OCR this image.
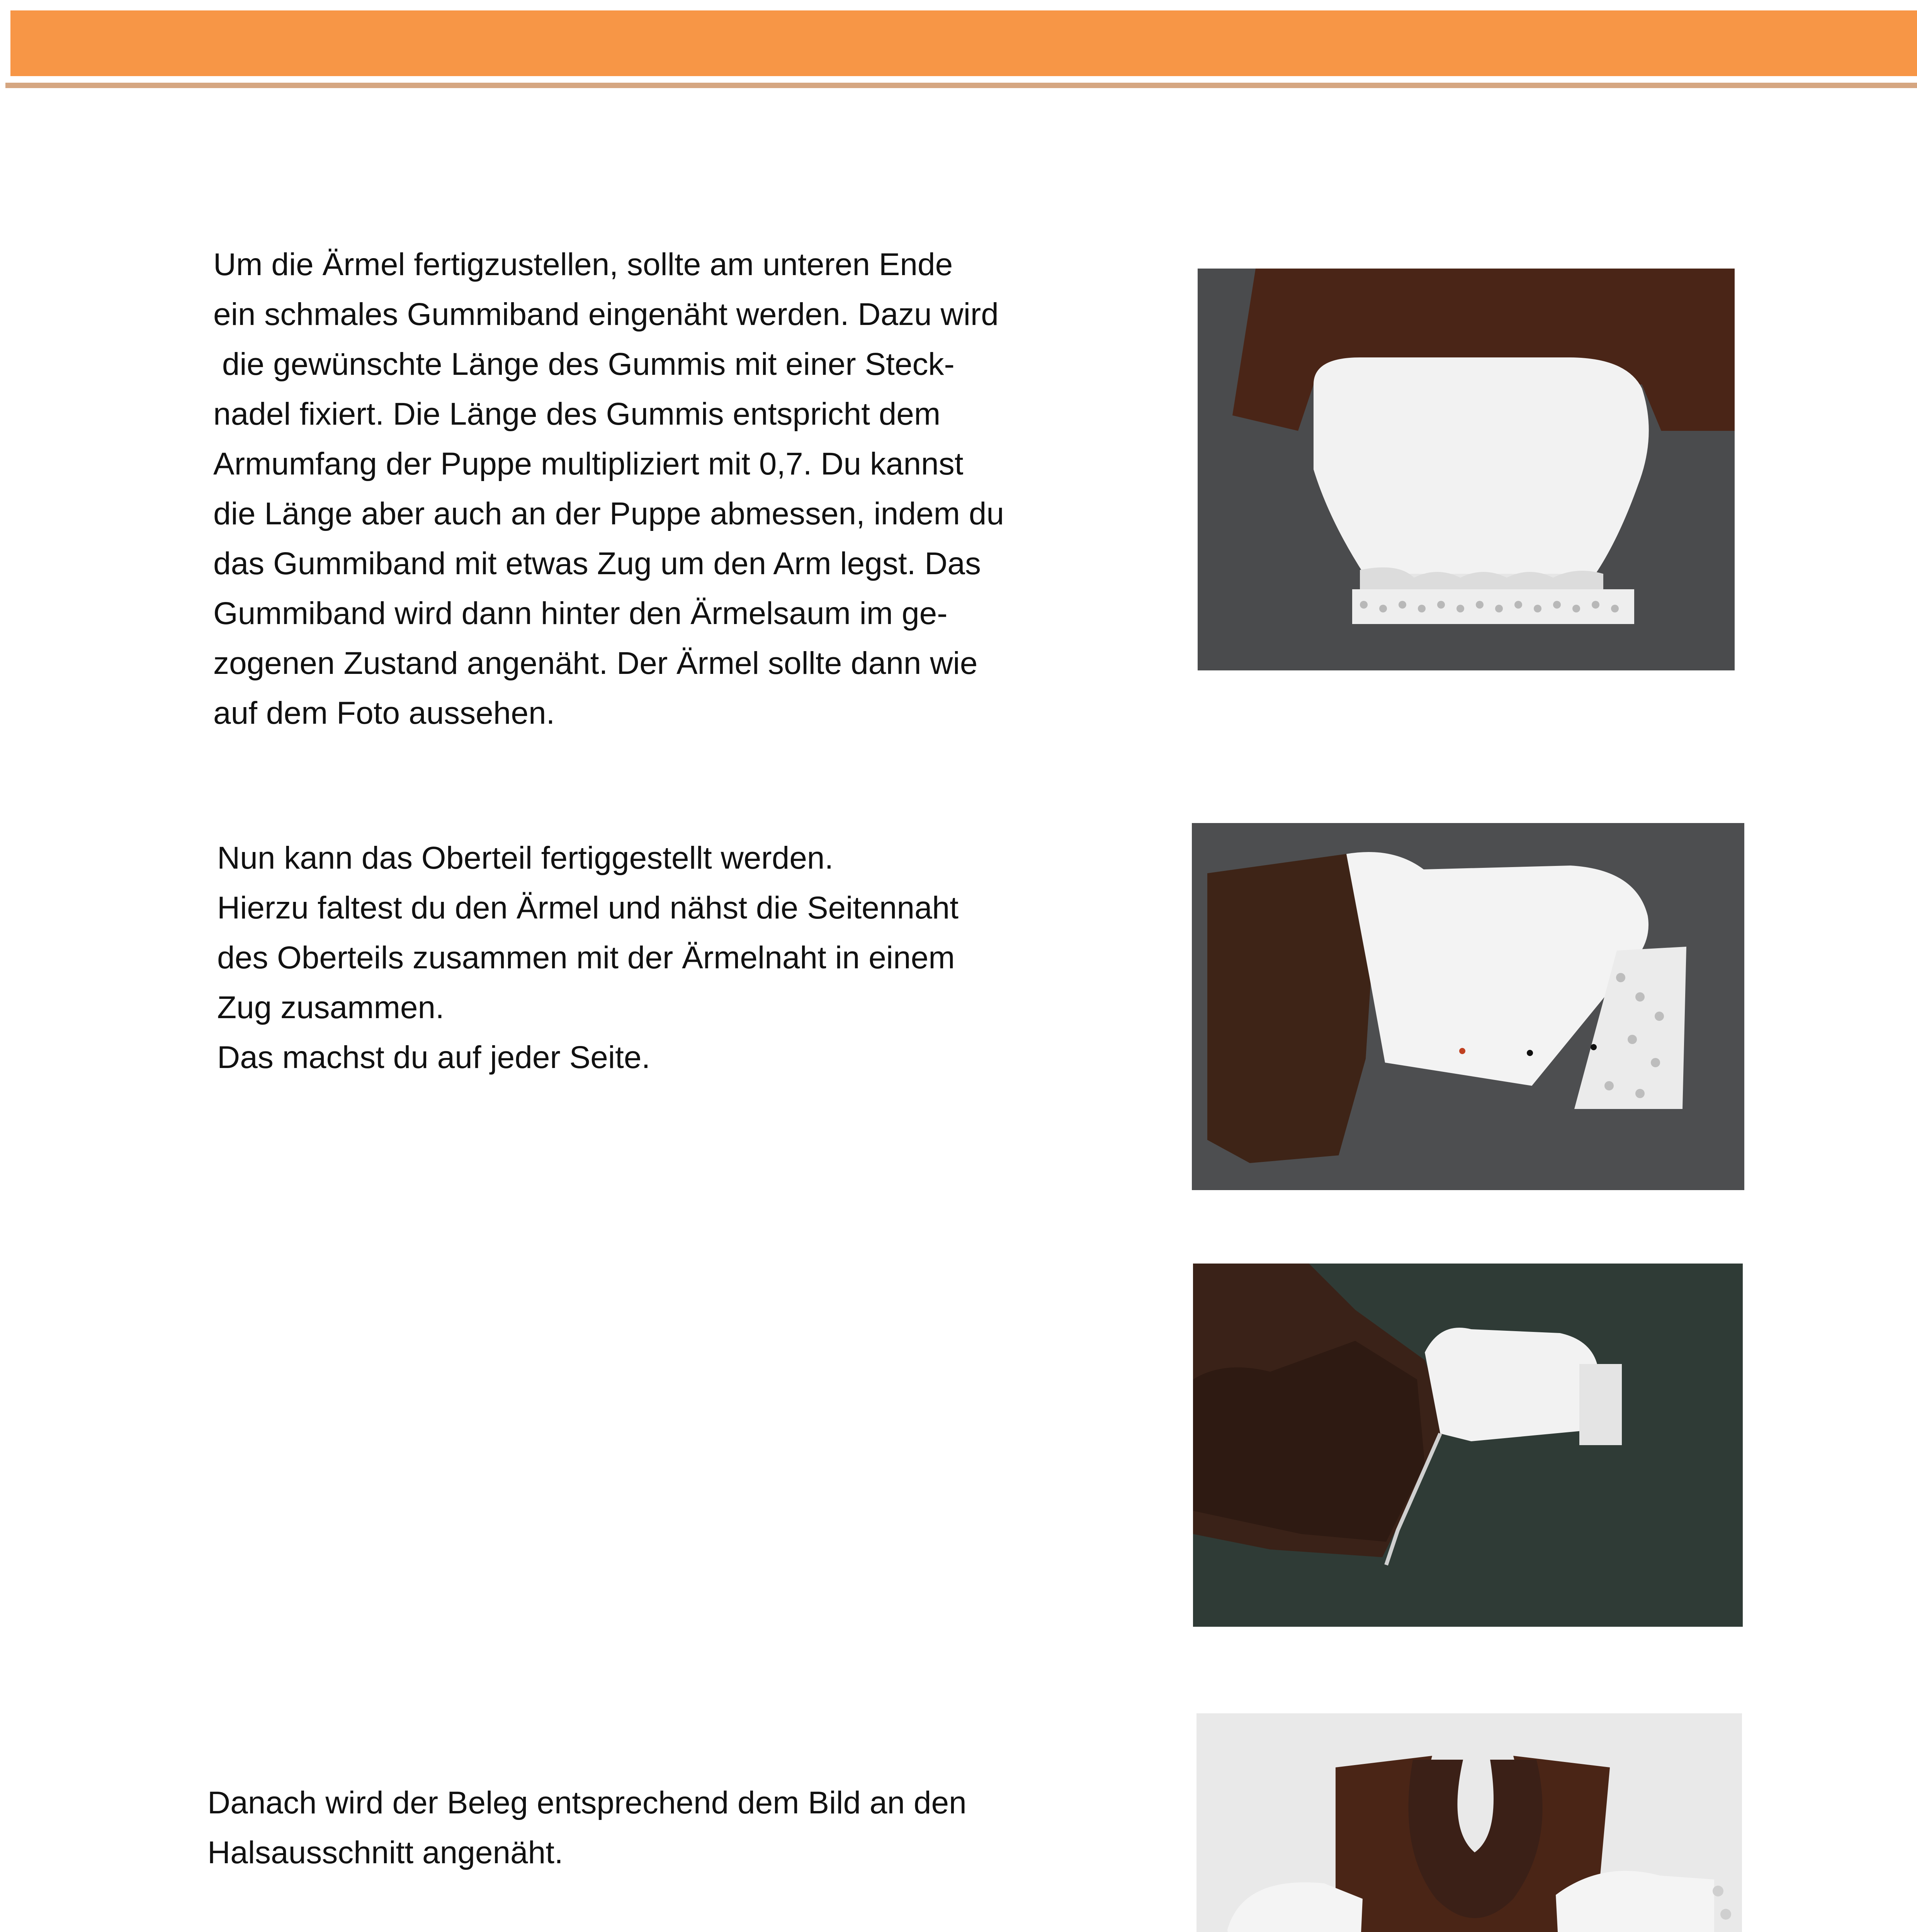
Um die Ärmel fertigzustellen, sollte am unteren Ende

ein schmales Gummiband eingenäht werden. Dazu wird

die gewünschte Länge des Gummis mit einer Steck-

nadel fixiert. Die Länge des Gummis entspricht dem

Armumfang der Puppe multipliziert mit 0,7. Du kannst

die Länge aber auch an der Puppe abmessen, indem du

das Gummiband mit etwas Zug um den Arm legst. Das

Gummiband wird dann hinter den Ärmelsaum im ge-

zogenen Zustand angenäht. Der Ärmel sollte dann wie

auf dem Foto aussehen.

Nun kann das Oberteil fertiggestellt werden.

Hierzu faltest du den Ärmel und nähst die Seitennaht

des Oberteils zusammen mit der Ärmelnaht in einem

Zug zusammen.

Das machst du auf jeder Seite.

Danach wird der Beleg entsprechend dem Bild an den

Halsausschnitt angenäht.
